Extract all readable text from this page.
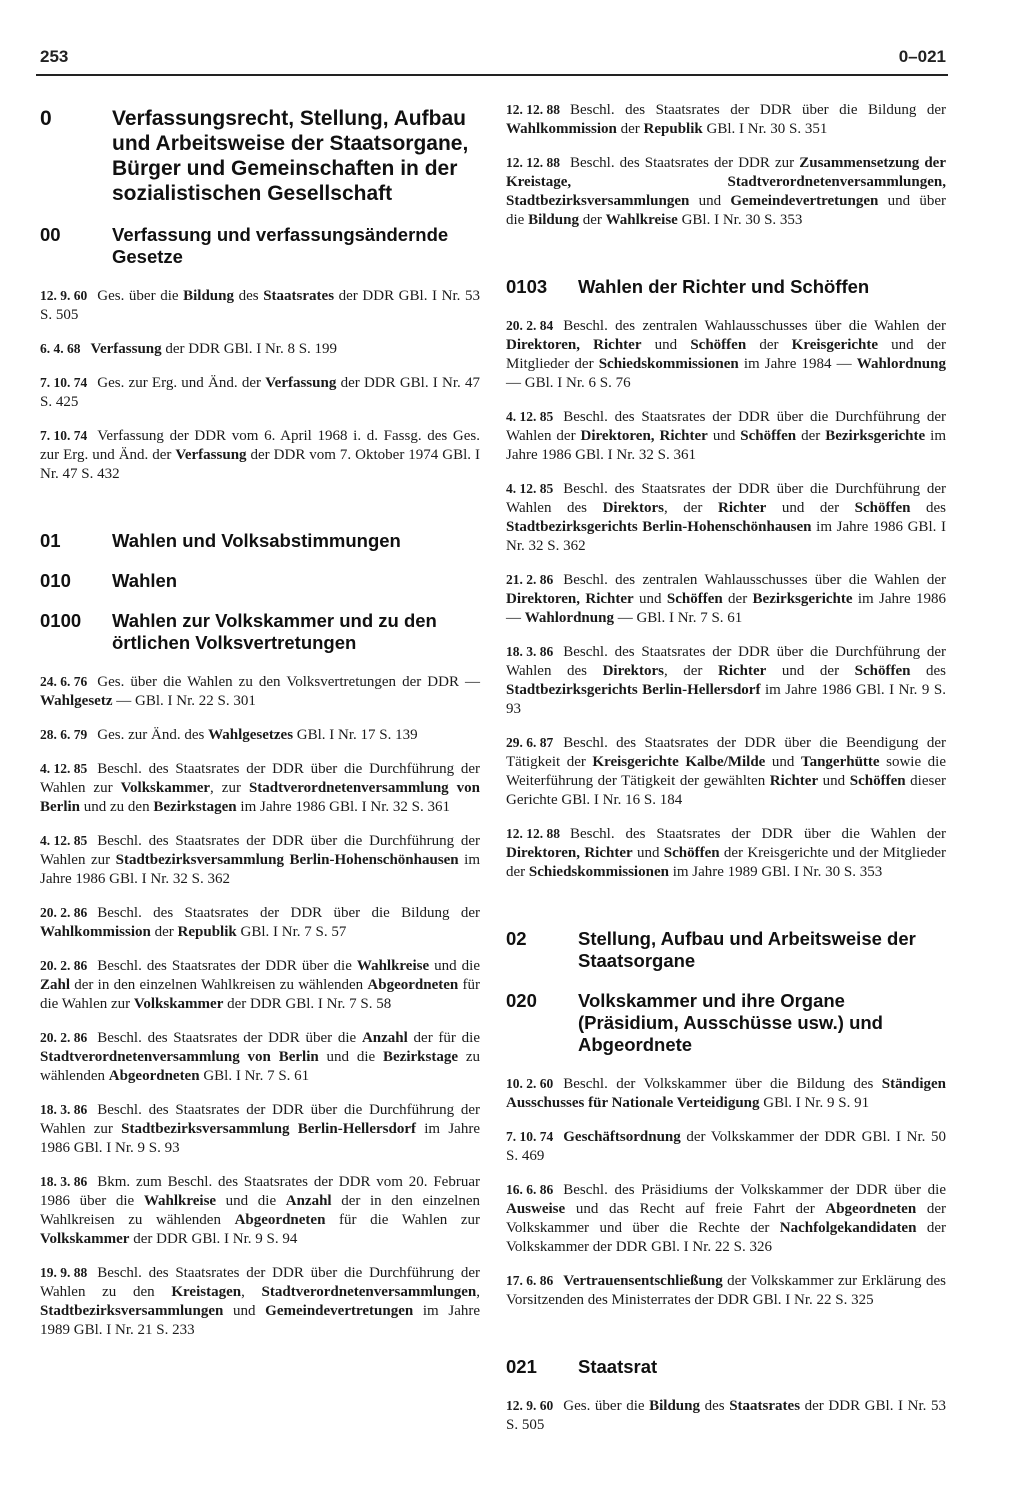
253	0–021
0	Verfassungsrecht, Stellung, Aufbau und Arbeitsweise der Staatsorgane, Bürger und Gemeinschaften in der sozialistischen Gesellschaft
00	Verfassung und verfassungsändernde Gesetze
12. 9. 60 Ges. über die Bildung des Staatsrates der DDR GBl. I Nr. 53 S. 505
6. 4. 68 Verfassung der DDR GBl. I Nr. 8 S. 199
7. 10. 74 Ges. zur Erg. und Änd. der Verfassung der DDR GBl. I Nr. 47 S. 425
7. 10. 74 Verfassung der DDR vom 6. April 1968 i. d. Fassg. des Ges. zur Erg. und Änd. der Verfassung der DDR vom 7. Oktober 1974 GBl. I Nr. 47 S. 432
01	Wahlen und Volksabstimmungen
010	Wahlen
0100	Wahlen zur Volkskammer und zu den örtlichen Volksvertretungen
24. 6. 76 Ges. über die Wahlen zu den Volksvertretungen der DDR — Wahlgesetz — GBl. I Nr. 22 S. 301
28. 6. 79 Ges. zur Änd. des Wahlgesetzes GBl. I Nr. 17 S. 139
4. 12. 85 Beschl. des Staatsrates der DDR über die Durchführung der Wahlen zur Volkskammer, zur Stadtverordnetenversammlung von Berlin und zu den Bezirkstagen im Jahre 1986 GBl. I Nr. 32 S. 361
4. 12. 85 Beschl. des Staatsrates der DDR über die Durchführung der Wahlen zur Stadtbezirksversammlung Berlin-Hohenschönhausen im Jahre 1986 GBl. I Nr. 32 S. 362
20. 2. 86 Beschl. des Staatsrates der DDR über die Bildung der Wahlkommission der Republik GBl. I Nr. 7 S. 57
20. 2. 86 Beschl. des Staatsrates der DDR über die Wahlkreise und die Zahl der in den einzelnen Wahlkreisen zu wählenden Abgeordneten für die Wahlen zur Volkskammer der DDR GBl. I Nr. 7 S. 58
20. 2. 86 Beschl. des Staatsrates der DDR über die Anzahl der für die Stadtverordnetenversammlung von Berlin und die Bezirkstage zu wählenden Abgeordneten GBl. I Nr. 7 S. 61
18. 3. 86 Beschl. des Staatsrates der DDR über die Durchführung der Wahlen zur Stadtbezirksversammlung Berlin-Hellersdorf im Jahre 1986 GBl. I Nr. 9 S. 93
18. 3. 86 Bkm. zum Beschl. des Staatsrates der DDR vom 20. Februar 1986 über die Wahlkreise und die Anzahl der in den einzelnen Wahlkreisen zu wählenden Abgeordneten für die Wahlen zur Volkskammer der DDR GBl. I Nr. 9 S. 94
19. 9. 88 Beschl. des Staatsrates der DDR über die Durchführung der Wahlen zu den Kreistagen, Stadtverordnetenversammlungen, Stadtbezirksversammlungen und Gemeindevertretungen im Jahre 1989 GBl. I Nr. 21 S. 233
12. 12. 88 Beschl. des Staatsrates der DDR über die Bildung der Wahlkommission der Republik GBl. I Nr. 30 S. 351
12. 12. 88 Beschl. des Staatsrates der DDR zur Zusammensetzung der Kreistage, Stadtverordnetenversammlungen, Stadtbezirksversammlungen und Gemeindevertretungen und über die Bildung der Wahlkreise GBl. I Nr. 30 S. 353
0103	Wahlen der Richter und Schöffen
20. 2. 84 Beschl. des zentralen Wahlausschusses über die Wahlen der Direktoren, Richter und Schöffen der Kreisgerichte und der Mitglieder der Schiedskommissionen im Jahre 1984 — Wahlordnung — GBl. I Nr. 6 S. 76
4. 12. 85 Beschl. des Staatsrates der DDR über die Durchführung der Wahlen der Direktoren, Richter und Schöffen der Bezirksgerichte im Jahre 1986 GBl. I Nr. 32 S. 361
4. 12. 85 Beschl. des Staatsrates der DDR über die Durchführung der Wahlen des Direktors, der Richter und der Schöffen des Stadtbezirksgerichts Berlin-Hohenschönhausen im Jahre 1986 GBl. I Nr. 32 S. 362
21. 2. 86 Beschl. des zentralen Wahlausschusses über die Wahlen der Direktoren, Richter und Schöffen der Bezirksgerichte im Jahre 1986 — Wahlordnung — GBl. I Nr. 7 S. 61
18. 3. 86 Beschl. des Staatsrates der DDR über die Durchführung der Wahlen des Direktors, der Richter und der Schöffen des Stadtbezirksgerichts Berlin-Hellersdorf im Jahre 1986 GBl. I Nr. 9 S. 93
29. 6. 87 Beschl. des Staatsrates der DDR über die Beendigung der Tätigkeit der Kreisgerichte Kalbe/Milde und Tangerhütte sowie die Weiterführung der Tätigkeit der gewählten Richter und Schöffen dieser Gerichte GBl. I Nr. 16 S. 184
12. 12. 88 Beschl. des Staatsrates der DDR über die Wahlen der Direktoren, Richter und Schöffen der Kreisgerichte und der Mitglieder der Schiedskommissionen im Jahre 1989 GBl. I Nr. 30 S. 353
02	Stellung, Aufbau und Arbeitsweise der Staatsorgane
020	Volkskammer und ihre Organe (Präsidium, Ausschüsse usw.) und Abgeordnete
10. 2. 60 Beschl. der Volkskammer über die Bildung des Ständigen Ausschusses für Nationale Verteidigung GBl. I Nr. 9 S. 91
7. 10. 74 Geschäftsordnung der Volkskammer der DDR GBl. I Nr. 50 S. 469
16. 6. 86 Beschl. des Präsidiums der Volkskammer der DDR über die Ausweise und das Recht auf freie Fahrt der Abgeordneten der Volkskammer und über die Rechte der Nachfolgekandidaten der Volkskammer der DDR GBl. I Nr. 22 S. 326
17. 6. 86 Vertrauensentschließung der Volkskammer zur Erklärung des Vorsitzenden des Ministerrates der DDR GBl. I Nr. 22 S. 325
021	Staatsrat
12. 9. 60 Ges. über die Bildung des Staatsrates der DDR GBl. I Nr. 53 S. 505
